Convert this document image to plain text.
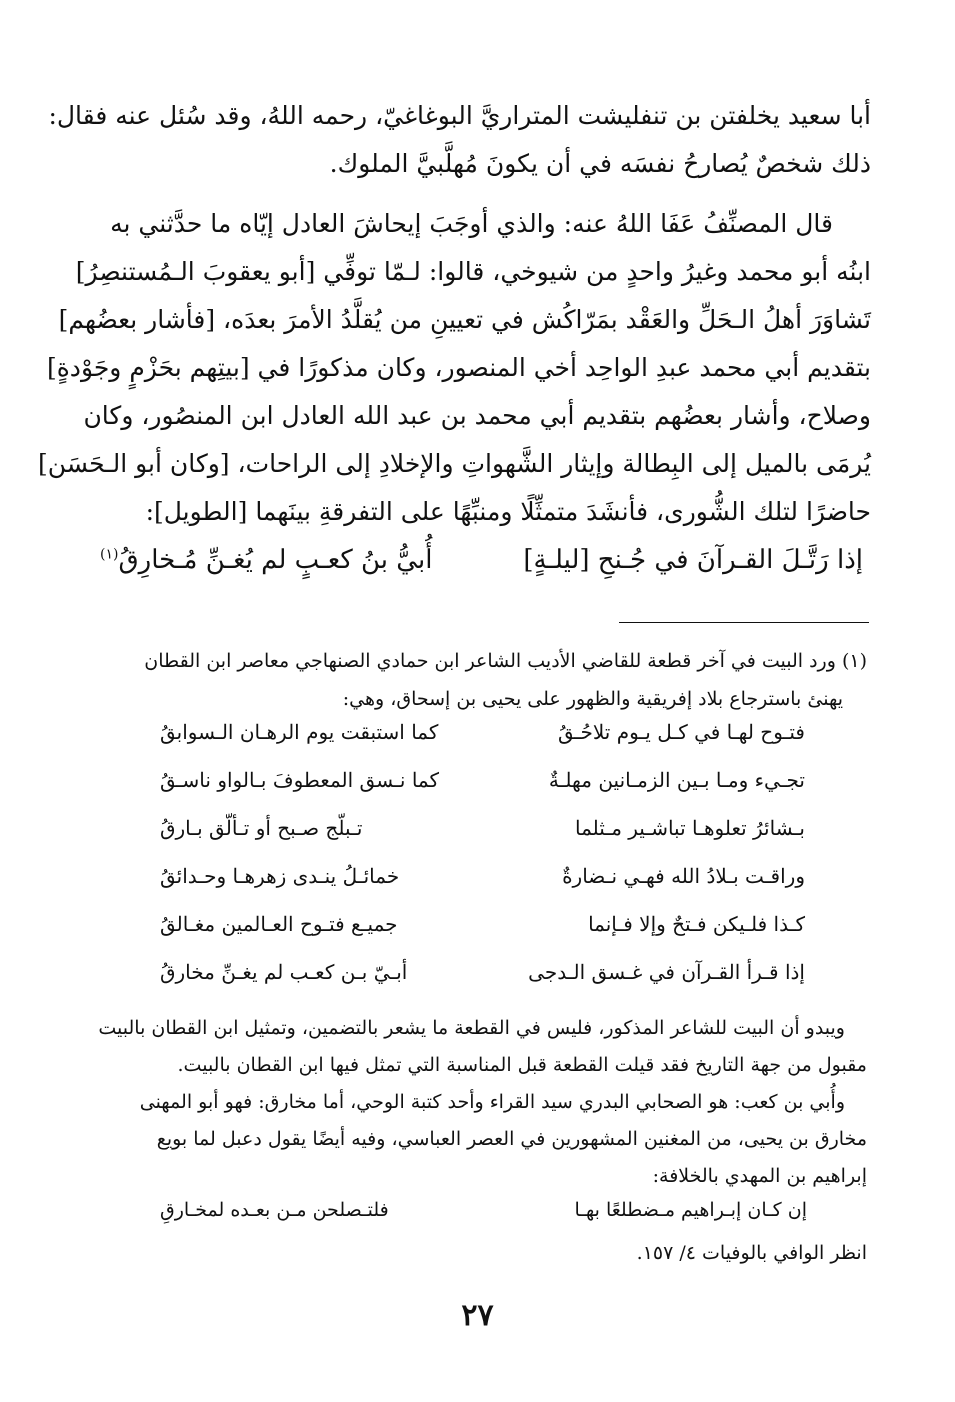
أبا سعيد يخلفتن بن تنفليشت المتراريَّ البوغاغيّ، رحمه اللهُ، وقد سُئل عنه فقال:

ذلك شخصٌ يُصارحُ نفسَه في أن يكونَ مُهلَّبيَّ الملوك.

قال المصنِّفُ عَفَا اللهُ عنه: والذي أوجَبَ إيحاشَ العادل إيّاه ما حدَّثني به

ابنُه أبو محمد وغيرُ واحدٍ من شيوخي، قالوا: لـمّا توفِّي [أبو يعقوبَ الـمُستنصِرُ]

تَشاوَرَ أهلُ الـحَلِّ والعَقْد بمَرّاكُش في تعيينِ من يُقلَّدُ الأمرَ بعدَه، [فأشار بعضُهم]

بتقديم أبي محمد عبدِ الواحِد أخي المنصور، وكان مذكورًا في [بيتِهم بحَزْمٍ وجَوْدةٍ]

وصلاح، وأشار بعضُهم بتقديم أبي محمد بن عبد الله العادل ابن المنصُور، وكان

يُرمَى بالميل إلى البِطالة وإيثار الشَّهواتِ والإخلادِ إلى الراحات، [وكان أبو الـحَسَن]

حاضرًا لتلك الشُّورى، فأنشَدَ متمثِّلًا ومنبِّهًا على التفرقةِ بينَهما [الطويل]:

إذا رَتَّـلَ القـرآنَ في جُـنحِ [ليلـةٍ]
أُبيُّ بنُ كعـبٍ لم يُغـنِّ مُـخارِقُ$^{(١)}$

(١) ورد البيت في آخر قطعة للقاضي الأديب الشاعر ابن حمادي الصنهاجي معاصر ابن القطان

يهنئ باسترجاع بلاد إفريقية والظهور على يحيى بن إسحاق، وهي:

فتـوح لهـا في كـل يـوم تلاحُـقُ
كما استبقت يوم الرهـان الـسوابقُ
تجـيء ومـا بـين الزمـانين مهلـةٌ
كما نـسق المعطوفَ بـالواو ناسـقُ
بـشائرُ تعلوهـا تباشـير مـثلما
تـبلّج صـبح أو تـألّق بـارقُ
وراقـت بـلادُ الله فهـي نـضارةٌ
خمائـلُ ينـدى زهرهـا وحـدائقُ
كـذا فلـيكن فـتحٌ وإلا فـإنما
جميـع فتـوح العـالمين مغـالقُ
إذا قـرأ القـرآن في غـسق الـدجى
أبـيّ بـن كعـب لم يغـنِّ مخارقُ

ويبدو أن البيت للشاعر المذكور، فليس في القطعة ما يشعر بالتضمين، وتمثيل ابن القطان بالبيت

مقبول من جهة التاريخ فقد قيلت القطعة قبل المناسبة التي تمثل فيها ابن القطان بالبيت.

وأُبي بن كعب: هو الصحابي البدري سيد القراء وأحد كتبة الوحي، أما مخارق: فهو أبو المهنى

مخارق بن يحيى، من المغنين المشهورين في العصر العباسي، وفيه أيضًا يقول دعبل لما بويع

إبراهيم بن المهدي بالخلافة:

إن كـان إبـراهيم مـضطلعًا بهـا
فلتـصلحن مـن بعـده لمخـارقِ

انظر الوافي بالوفيات ٤/ ١٥٧.

٢٧
